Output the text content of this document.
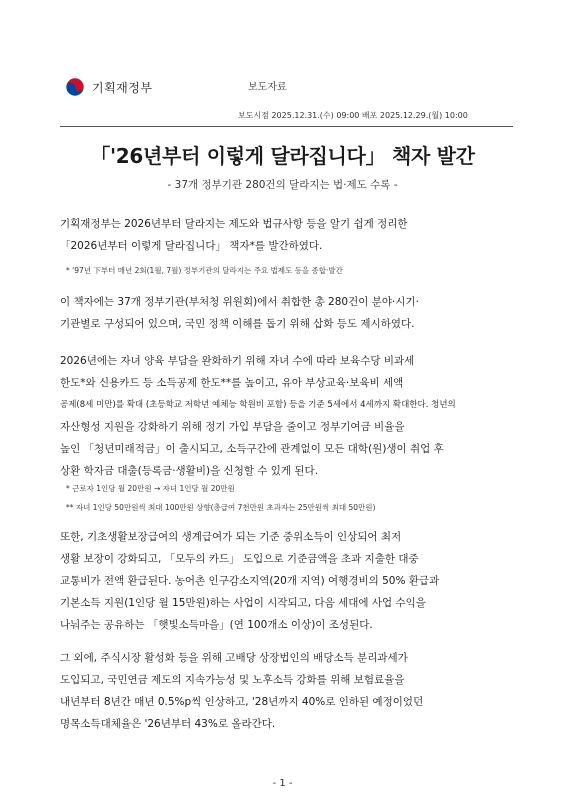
기획재정부	보도자료
보도시점 2025.12.31.(수) 09:00 배포 2025.12.29.(월) 10:00
「'26년부터 이렇게 달라집니다」 책자 발간
- 37개 정부기관 280건의 달라지는 법·제도 수록 -

기획재정부는 2026년부터 달라지는 제도와 법규사항 등을 알기 쉽게 정리한

「2026년부터 이렇게 달라집니다」 책자*를 발간하였다.

* '97년 下부터 매년 2회(1월, 7월) 정부기관의 달라지는 주요 법제도 등을 종합·발간

이 책자에는 37개 정부기관(부처청 위원회)에서 취합한 총 280건이 분야·시기·

기관별로 구성되어 있으며, 국민 정책 이해를 돕기 위해 삽화 등도 제시하였다.

2026년에는 자녀 양육 부담을 완화하기 위해 자녀 수에 따라 보육수당 비과세

한도*와 신용카드 등 소득공제 한도**를 높이고, 유아 부상교육·보육비 세액

공제(8세 미만)를 확대 (초등학교 저학년 예체능 학원비 포함) 등을 기준 5세에서 4세까지 확대한다. 청년의

자산형성 지원을 강화하기 위해 정기 가입 부담을 줄이고 정부기여금 비율을

높인 「청년미래적금」이 출시되고, 소득구간에 관계없이 모든 대학(원)생이 취업 후

상환 학자금 대출(등록금·생활비)을 신청할 수 있게 된다.

* 근로자 1인당 월 20만원 → 자녀 1인당 월 20만원

** 자녀 1인당 50만원씩 최대 100만원 상향(총급여 7천만원 초과자는 25만원씩 최대 50만원)

또한, 기초생활보장급여의 생계급여가 되는 기준 중위소득이 인상되어 최저

생활 보장이 강화되고, 「모두의 카드」 도입으로 기준금액을 초과 지출한 대중

교통비가 전액 환급된다. 농어촌 인구감소지역(20개 지역) 여행경비의 50% 환급과

기본소득 지원(1인당 월 15만원)하는 사업이 시작되고, 다음 세대에 사업 수익을

나눠주는 공유하는 「햇빛소득마을」(연 100개소 이상)이 조성된다.

그 외에, 주식시장 활성화 등을 위해 고배당 상장법인의 배당소득 분리과세가

도입되고, 국민연금 제도의 지속가능성 및 노후소득 강화를 위해 보험료율을

내년부터 8년간 매년 0.5%p씩 인상하고, '28년까지 40%로 인하된 예정이었던

명목소득대체율은 '26년부터 43%로 올라간다.

- 1 -
